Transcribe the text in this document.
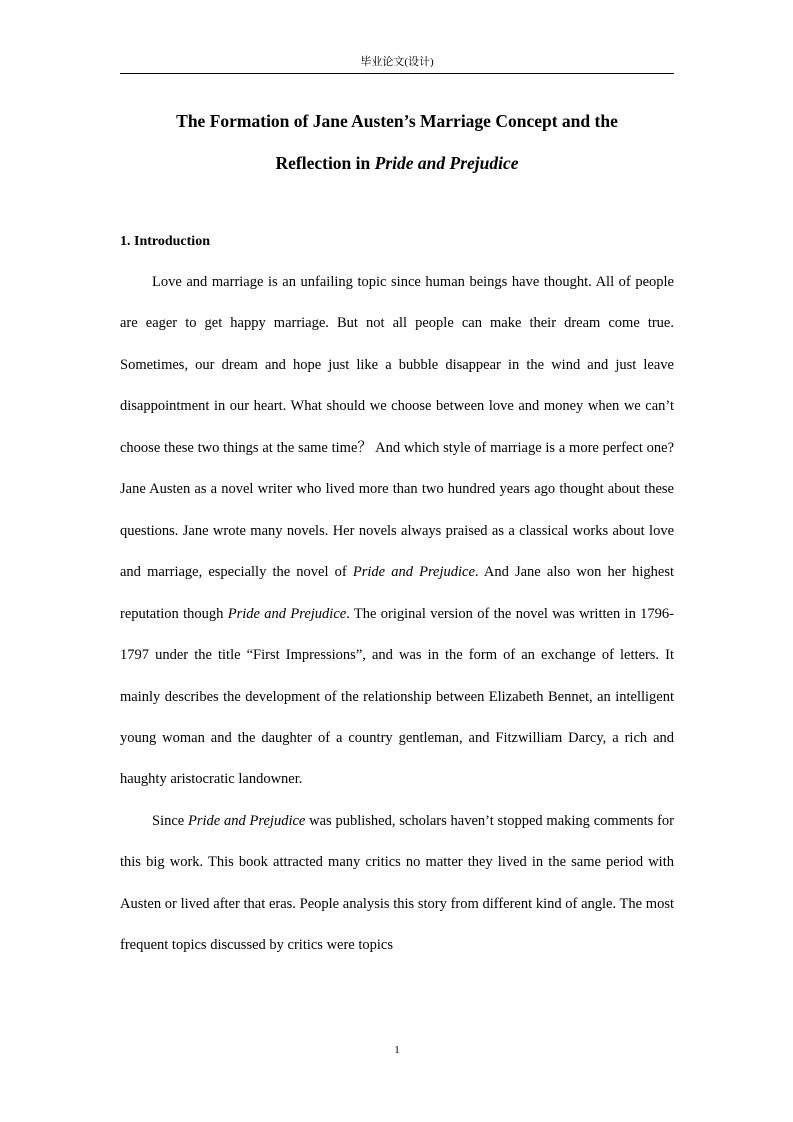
毕业论文(设计)
The Formation of Jane Austen’s Marriage Concept and the
Reflection in Pride and Prejudice
1. Introduction

Love and marriage is an unfailing topic since human beings have thought. All of people are eager to get happy marriage. But not all people can make their dream come true. Sometimes, our dream and hope just like a bubble disappear in the wind and just leave disappointment in our heart. What should we choose between love and money when we can’t choose these two things at the same time？ And which style of marriage is a more perfect one? Jane Austen as a novel writer who lived more than two hundred years ago thought about these questions. Jane wrote many novels. Her novels always praised as a classical works about love and marriage, especially the novel of Pride and Prejudice. And Jane also won her highest reputation though Pride and Prejudice. The original version of the novel was written in 1796-1797 under the title “First Impressions”, and was in the form of an exchange of letters. It mainly describes the development of the relationship between Elizabeth Bennet, an intelligent young woman and the daughter of a country gentleman, and Fitzwilliam Darcy, a rich and haughty aristocratic landowner.

Since Pride and Prejudice was published, scholars haven’t stopped making comments for this big work. This book attracted many critics no matter they lived in the same period with Austen or lived after that eras. People analysis this story from different kind of angle. The most frequent topics discussed by critics were topics

1
